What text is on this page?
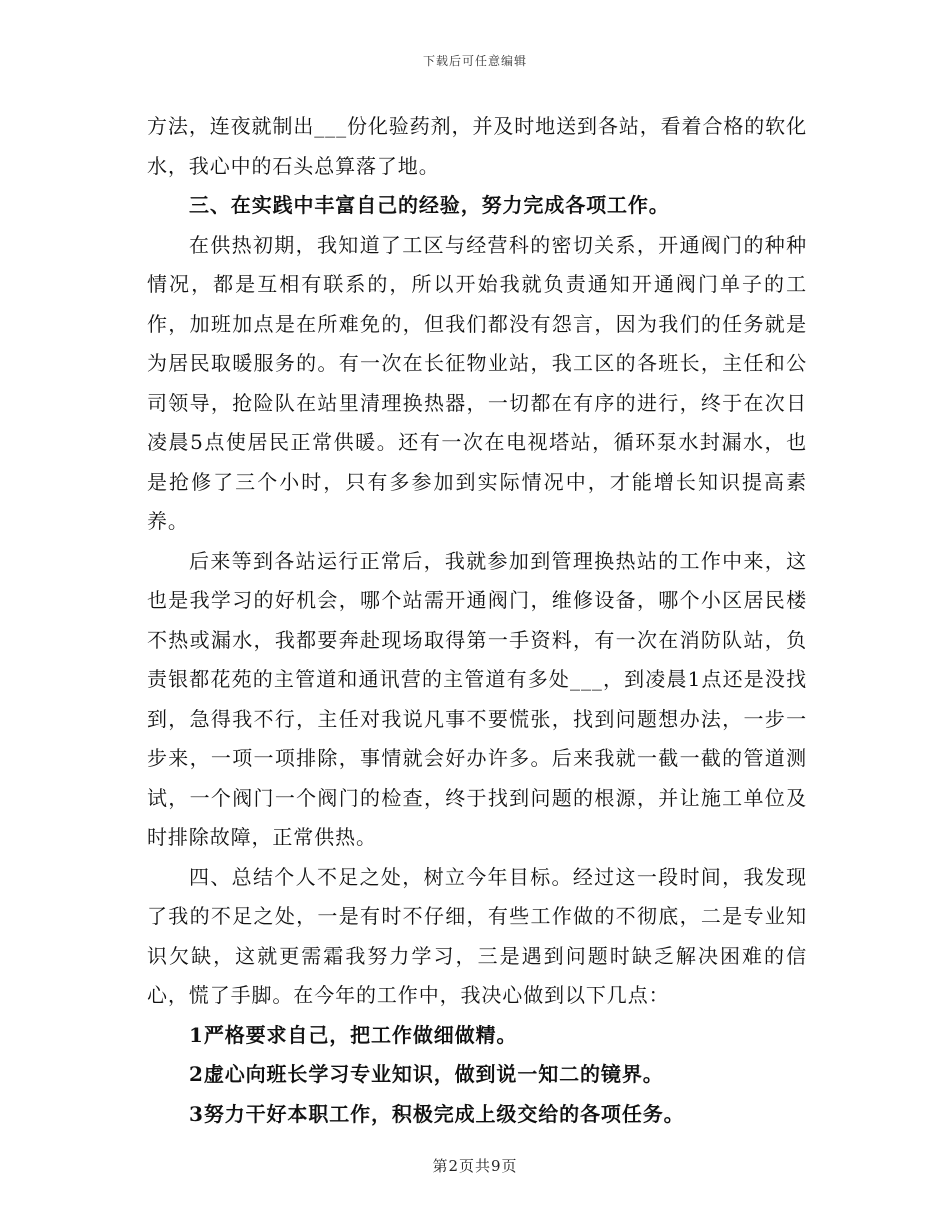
下载后可任意编辑

方法，连夜就制出___份化验药剂，并及时地送到各站，看着合格的软化水，我心中的石头总算落了地。

三、在实践中丰富自己的经验，努力完成各项工作。

在供热初期，我知道了工区与经营科的密切关系，开通阀门的种种情况，都是互相有联系的，所以开始我就负责通知开通阀门单子的工作，加班加点是在所难免的，但我们都没有怨言，因为我们的任务就是为居民取暖服务的。有一次在长征物业站，我工区的各班长，主任和公司领导，抢险队在站里清理换热器，一切都在有序的进行，终于在次日凌晨5点使居民正常供暖。还有一次在电视塔站，循环泵水封漏水，也是抢修了三个小时，只有多参加到实际情况中，才能增长知识提高素养。

后来等到各站运行正常后，我就参加到管理换热站的工作中来，这也是我学习的好机会，哪个站需开通阀门，维修设备，哪个小区居民楼不热或漏水，我都要奔赴现场取得第一手资料，有一次在消防队站，负责银都花苑的主管道和通讯营的主管道有多处___，到凌晨1点还是没找到，急得我不行，主任对我说凡事不要慌张，找到问题想办法，一步一步来，一项一项排除，事情就会好办许多。后来我就一截一截的管道测试，一个阀门一个阀门的检查，终于找到问题的根源，并让施工单位及时排除故障，正常供热。

四、总结个人不足之处，树立今年目标。经过这一段时间，我发现了我的不足之处，一是有时不仔细，有些工作做的不彻底，二是专业知识欠缺，这就更需霜我努力学习，三是遇到问题时缺乏解决困难的信心，慌了手脚。在今年的工作中，我决心做到以下几点：

1严格要求自己，把工作做细做精。

2虚心向班长学习专业知识，做到说一知二的镜界。

3努力干好本职工作，积极完成上级交给的各项任务。

第2页共9页
